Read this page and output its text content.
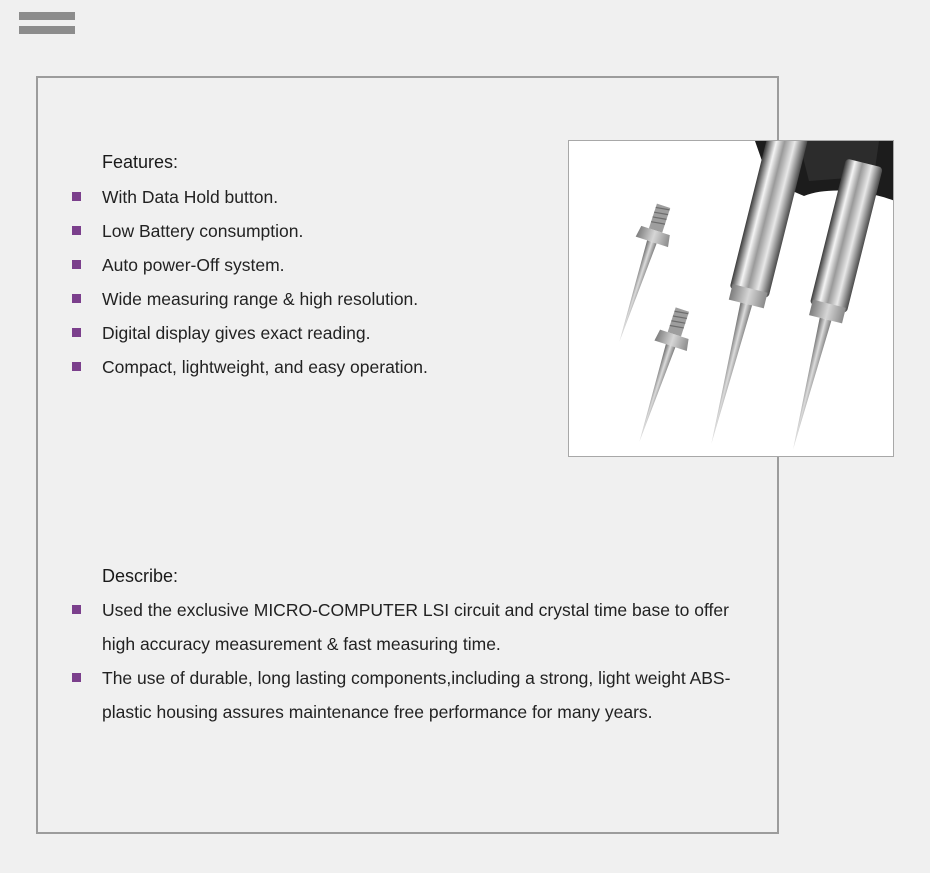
Features:
With Data Hold button.
Low Battery consumption.
Auto power-Off system.
Wide measuring range & high resolution.
Digital display gives exact reading.
Compact, lightweight, and easy operation.
Describe:
Used the exclusive MICRO-COMPUTER LSI circuit and crystal time base to offer high accuracy measurement & fast measuring time.
The use of durable, long lasting components,including a strong, light weight ABS-plastic housing assures maintenance free performance for many years.
